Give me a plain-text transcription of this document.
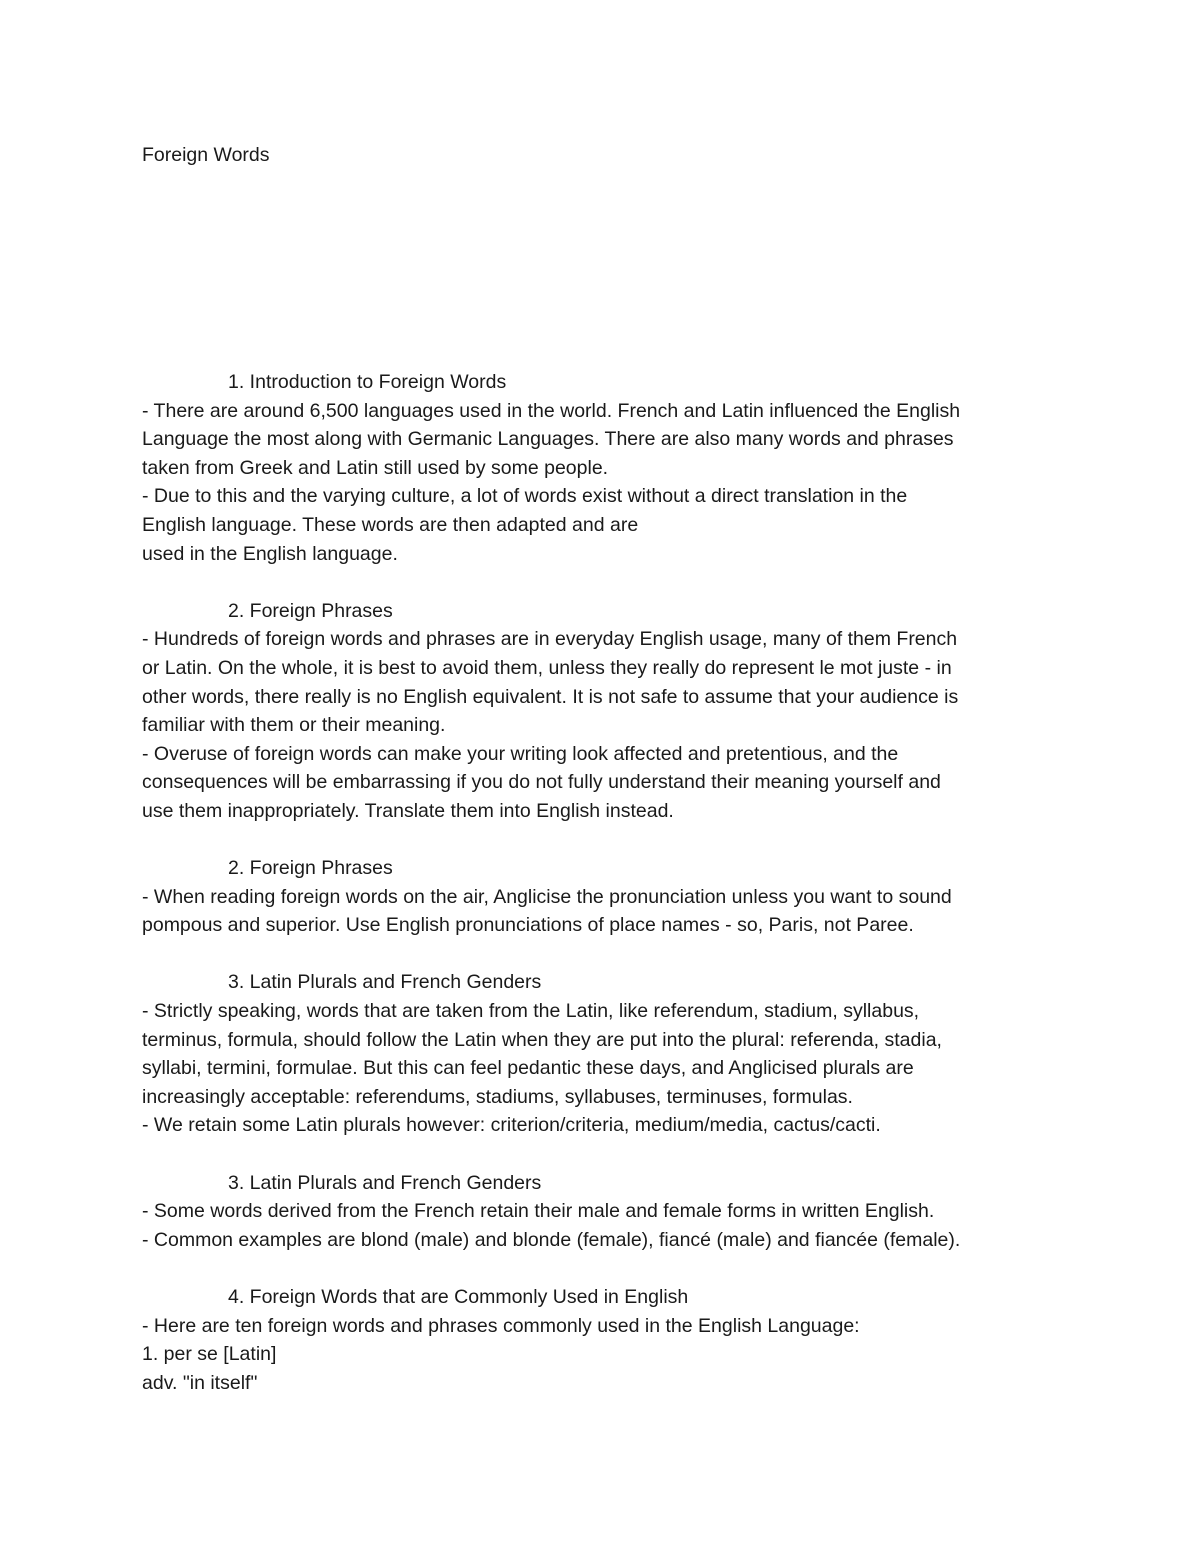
Foreign Words
1. Introduction to Foreign Words

- There are around 6,500 languages used in the world. French and Latin influenced the English
Language the most along with Germanic Languages. There are also many words and phrases
taken from Greek and Latin still used by some people.

- Due to this and the varying culture, a lot of words exist without a direct translation in the
English language. These words are then adapted and are
used in the English language.

2. Foreign Phrases

- Hundreds of foreign words and phrases are in everyday English usage, many of them French
or Latin. On the whole, it is best to avoid them, unless they really do represent le mot juste - in
other words, there really is no English equivalent. It is not safe to assume that your audience is
familiar with them or their meaning.

- Overuse of foreign words can make your writing look affected and pretentious, and the
consequences will be embarrassing if you do not fully understand their meaning yourself and
use them inappropriately. Translate them into English instead.

2. Foreign Phrases

- When reading foreign words on the air, Anglicise the pronunciation unless you want to sound
pompous and superior. Use English pronunciations of place names - so, Paris, not Paree.

3. Latin Plurals and French Genders

- Strictly speaking, words that are taken from the Latin, like referendum, stadium, syllabus,
terminus, formula, should follow the Latin when they are put into the plural: referenda, stadia,
syllabi, termini, formulae. But this can feel pedantic these days, and Anglicised plurals are
increasingly acceptable: referendums, stadiums, syllabuses, terminuses, formulas.

- We retain some Latin plurals however: criterion/criteria, medium/media, cactus/cacti.

3. Latin Plurals and French Genders

- Some words derived from the French retain their male and female forms in written English.

- Common examples are blond (male) and blonde (female), fiancé (male) and fiancée (female).

4. Foreign Words that are Commonly Used in English

- Here are ten foreign words and phrases commonly used in the English Language:

1. per se [Latin]

adv. "in itself"
